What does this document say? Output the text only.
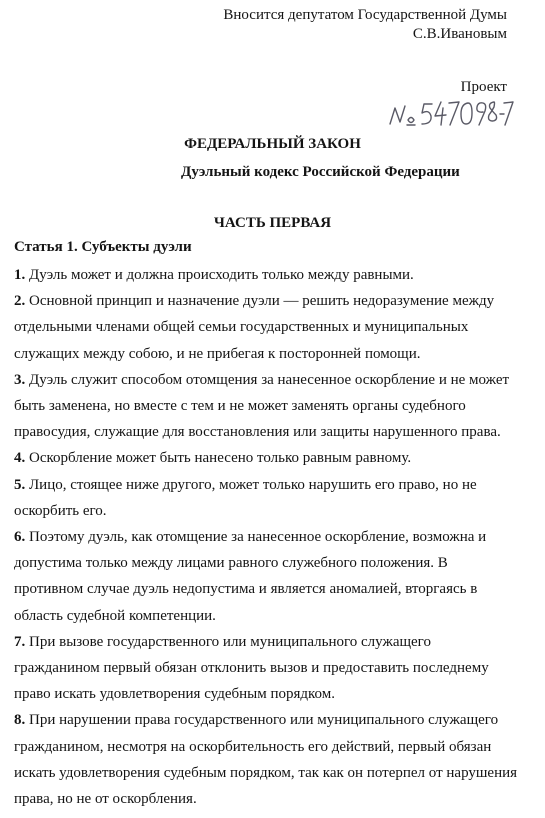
Вносится депутатом Государственной Думы
С.В.Ивановым
Проект
ФЕДЕРАЛЬНЫЙ ЗАКОН
Дуэльный кодекс Российской Федерации
ЧАСТЬ ПЕРВАЯ
Статья 1. Субъекты дуэли
1. Дуэль может и должна происходить только между равными.
2. Основной принцип и назначение дуэли — решить недоразумение между
отдельными членами общей семьи государственных и муниципальных
служащих между собою, и не прибегая к посторонней помощи.
3. Дуэль служит способом отомщения за нанесенное оскорбление и не может
быть заменена, но вместе с тем и не может заменять органы судебного
правосудия, служащие для восстановления или защиты нарушенного права.
4. Оскорбление может быть нанесено только равным равному.
5. Лицо, стоящее ниже другого, может только нарушить его право, но не
оскорбить его.
6. Поэтому дуэль, как отомщение за нанесенное оскорбление, возможна и
допустима только между лицами равного служебного положения. В
противном случае дуэль недопустима и является аномалией, вторгаясь в
область судебной компетенции.
7. При вызове государственного или муниципального служащего
гражданином первый обязан отклонить вызов и предоставить последнему
право искать удовлетворения судебным порядком.
8. При нарушении права государственного или муниципального служащего
гражданином, несмотря на оскорбительность его действий, первый обязан
искать удовлетворения судебным порядком, так как он потерпел от нарушения
права, но не от оскорбления.
